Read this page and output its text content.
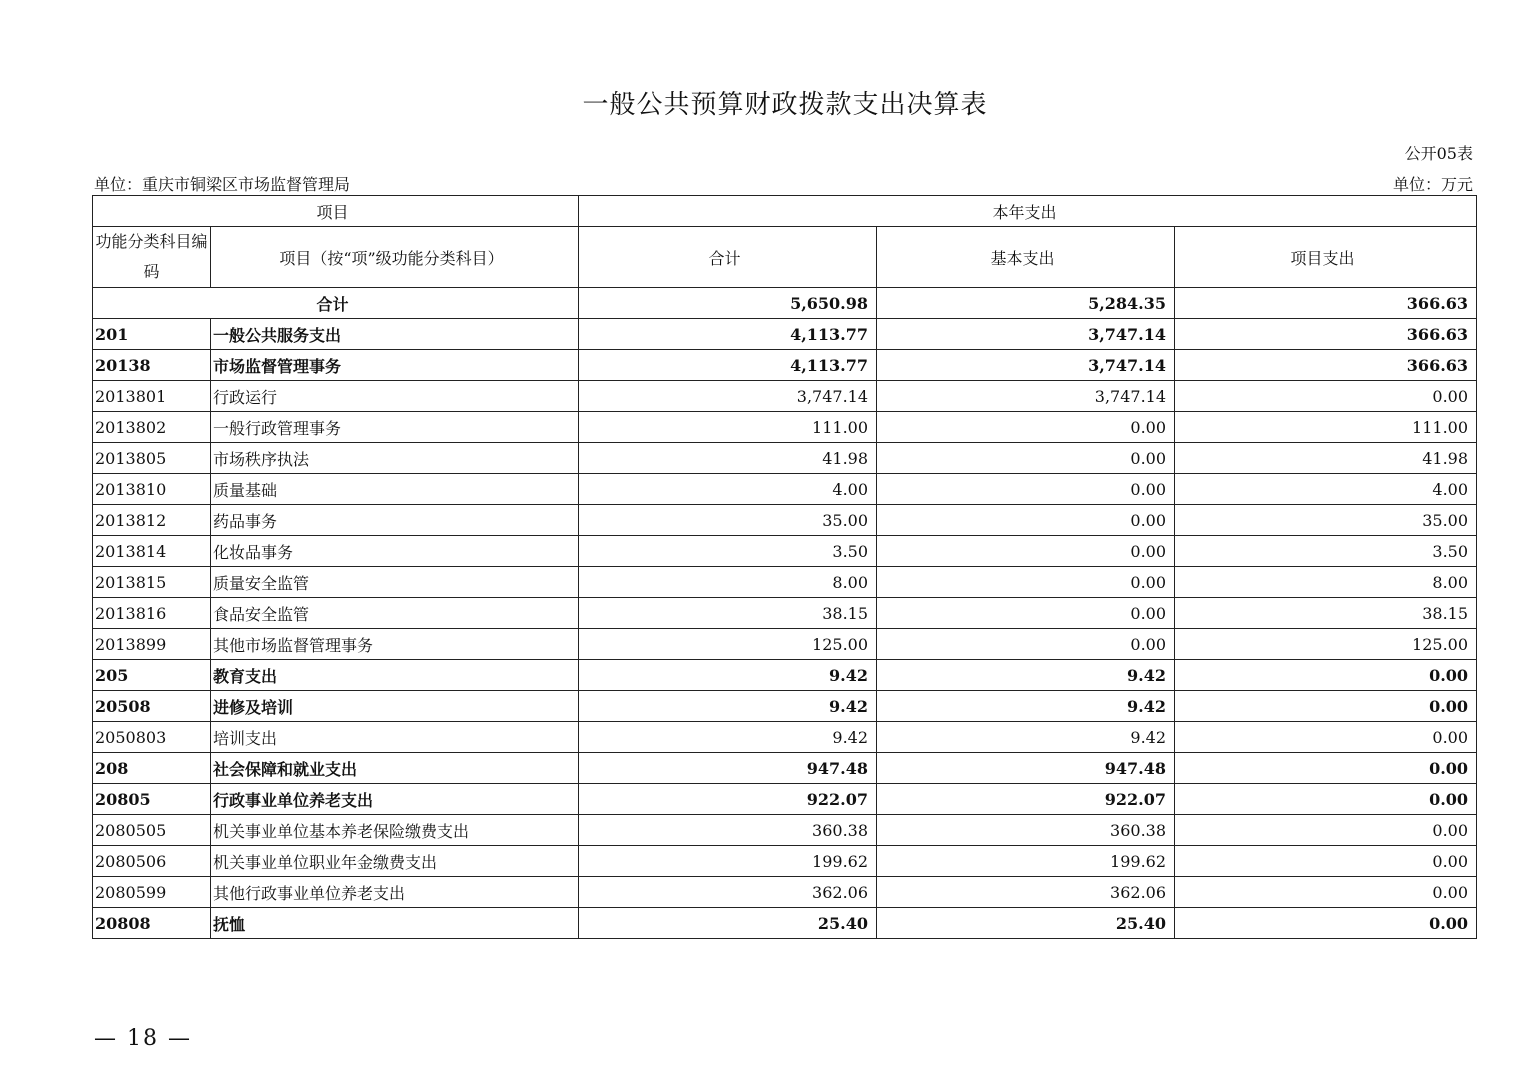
一般公共预算财政拨款支出决算表
公开05表
单位：重庆市铜梁区市场监督管理局	单位：万元
项目		本年支出		
功能分类科目编码	项目（按“项”级功能分类科目）	合计	基本支出	项目支出
合计		5,650.98	5,284.35	366.63
201	一般公共服务支出	4,113.77	3,747.14	366.63
20138	市场监督管理事务	4,113.77	3,747.14	366.63
2013801	行政运行	3,747.14	3,747.14	0.00
2013802	一般行政管理事务	111.00	0.00	111.00
2013805	市场秩序执法	41.98	0.00	41.98
2013810	质量基础	4.00	0.00	4.00
2013812	药品事务	35.00	0.00	35.00
2013814	化妆品事务	3.50	0.00	3.50
2013815	质量安全监管	8.00	0.00	8.00
2013816	食品安全监管	38.15	0.00	38.15
2013899	其他市场监督管理事务	125.00	0.00	125.00
205	教育支出	9.42	9.42	0.00
20508	进修及培训	9.42	9.42	0.00
2050803	培训支出	9.42	9.42	0.00
208	社会保障和就业支出	947.48	947.48	0.00
20805	行政事业单位养老支出	922.07	922.07	0.00
2080505	机关事业单位基本养老保险缴费支出	360.38	360.38	0.00
2080506	机关事业单位职业年金缴费支出	199.62	199.62	0.00
2080599	其他行政事业单位养老支出	362.06	362.06	0.00
20808	抚恤	25.40	25.40	0.00
— 18 —
